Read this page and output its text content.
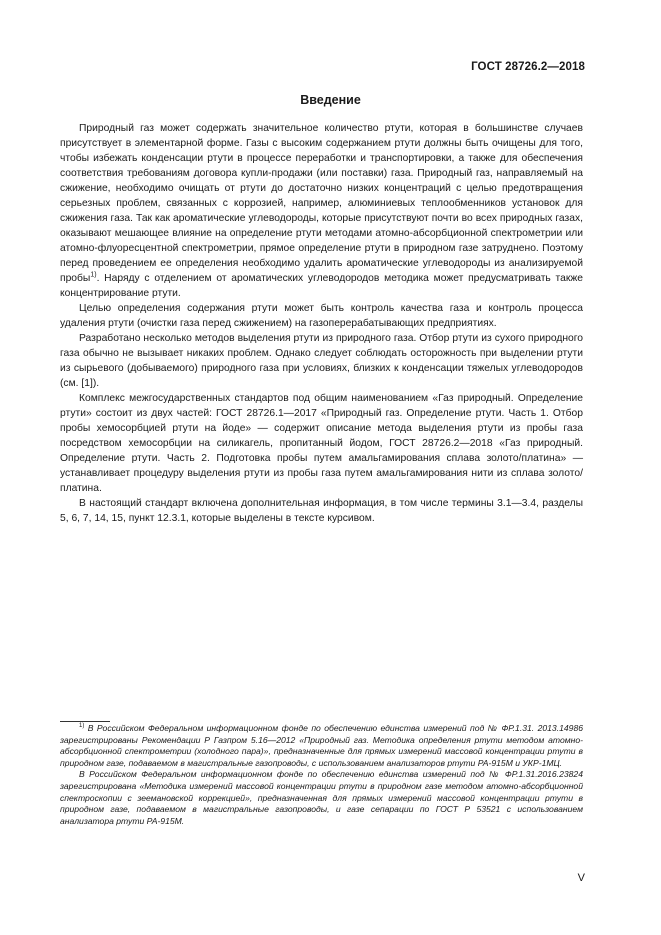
ГОСТ 28726.2—2018
Введение

Природный газ может содержать значительное количество ртути, которая в большинстве случаев присутствует в элементарной форме. Газы с высоким содержанием ртути должны быть очищены для того, чтобы избежать конденсации ртути в процессе переработки и транспортировки, а также для обеспечения соответствия требованиям договора купли-продажи (или поставки) газа. Природный газ, направляемый на сжижение, необходимо очищать от ртути до достаточно низких концентраций с целью предотвращения серьезных проблем, связанных с коррозией, например, алюминиевых теплообменников установок для сжижения газа. Так как ароматические углеводороды, которые присутствуют почти во всех природных газах, оказывают мешающее влияние на определение ртути методами атомно-абсорбционной спектрометрии или атомно-флуоресцентной спектрометрии, прямое определение ртути в природном газе затруднено. Поэтому перед проведением ее определения необходимо удалить ароматические углеводороды из анализируемой пробы$^{1)}$. Наряду с отделением от ароматических углеводородов методика может предусматривать также концентрирование ртути.

Целью определения содержания ртути может быть контроль качества газа и контроль процесса удаления ртути (очистки газа перед сжижением) на газоперерабатывающих предприятиях.

Разработано несколько методов выделения ртути из природного газа. Отбор ртути из сухого природного газа обычно не вызывает никаких проблем. Однако следует соблюдать осторожность при выделении ртути из сырьевого (добываемого) природного газа при условиях, близких к конденсации тяжелых углеводородов (см. [1]).

Комплекс межгосударственных стандартов под общим наименованием «Газ природный. Определение ртути» состоит из двух частей: ГОСТ 28726.1—2017 «Природный газ. Определение ртути. Часть 1. Отбор пробы хемосорбцией ртути на йоде» — содержит описание метода выделения ртути из пробы газа посредством хемосорбции на силикагель, пропитанный йодом, ГОСТ 28726.2—2018 «Газ природный. Определение ртути. Часть 2. Подготовка пробы путем амальгамирования сплава золото/платина» — устанавливает процедуру выделения ртути из пробы газа путем амальгамирования нити из сплава золото/платина.

В настоящий стандарт включена дополнительная информация, в том числе термины 3.1—3.4, разделы 5, 6, 7, 14, 15, пункт 12.3.1, которые выделены в тексте курсивом.

$^{1)}$ В Российском Федеральном информационном фонде по обеспечению единства измерений под № ФР.1.31. 2013.14986 зарегистрированы Рекомендации Р Газпром 5.16—2012 «Природный газ. Методика определения ртути методом атомно-абсорбционной спектрометрии (холодного пара)», предназначенные для прямых измерений массовой концентрации ртути в природном газе, подаваемом в магистральные газопроводы, с использованием анализаторов ртути РА-915М и УКР-1МЦ.

В Российском Федеральном информационном фонде по обеспечению единства измерений под № ФР.1.31.2016.23824 зарегистрирована «Методика измерений массовой концентрации ртути в природном газе методом атомно-абсорбционной спектроскопии с зеемановской коррекцией», предназначенная для прямых измерений массовой концентрации ртути в природном газе, подаваемом в магистральные газопроводы, и газе сепарации по ГОСТ Р 53521 с использованием анализатора ртути РА-915М.

V
